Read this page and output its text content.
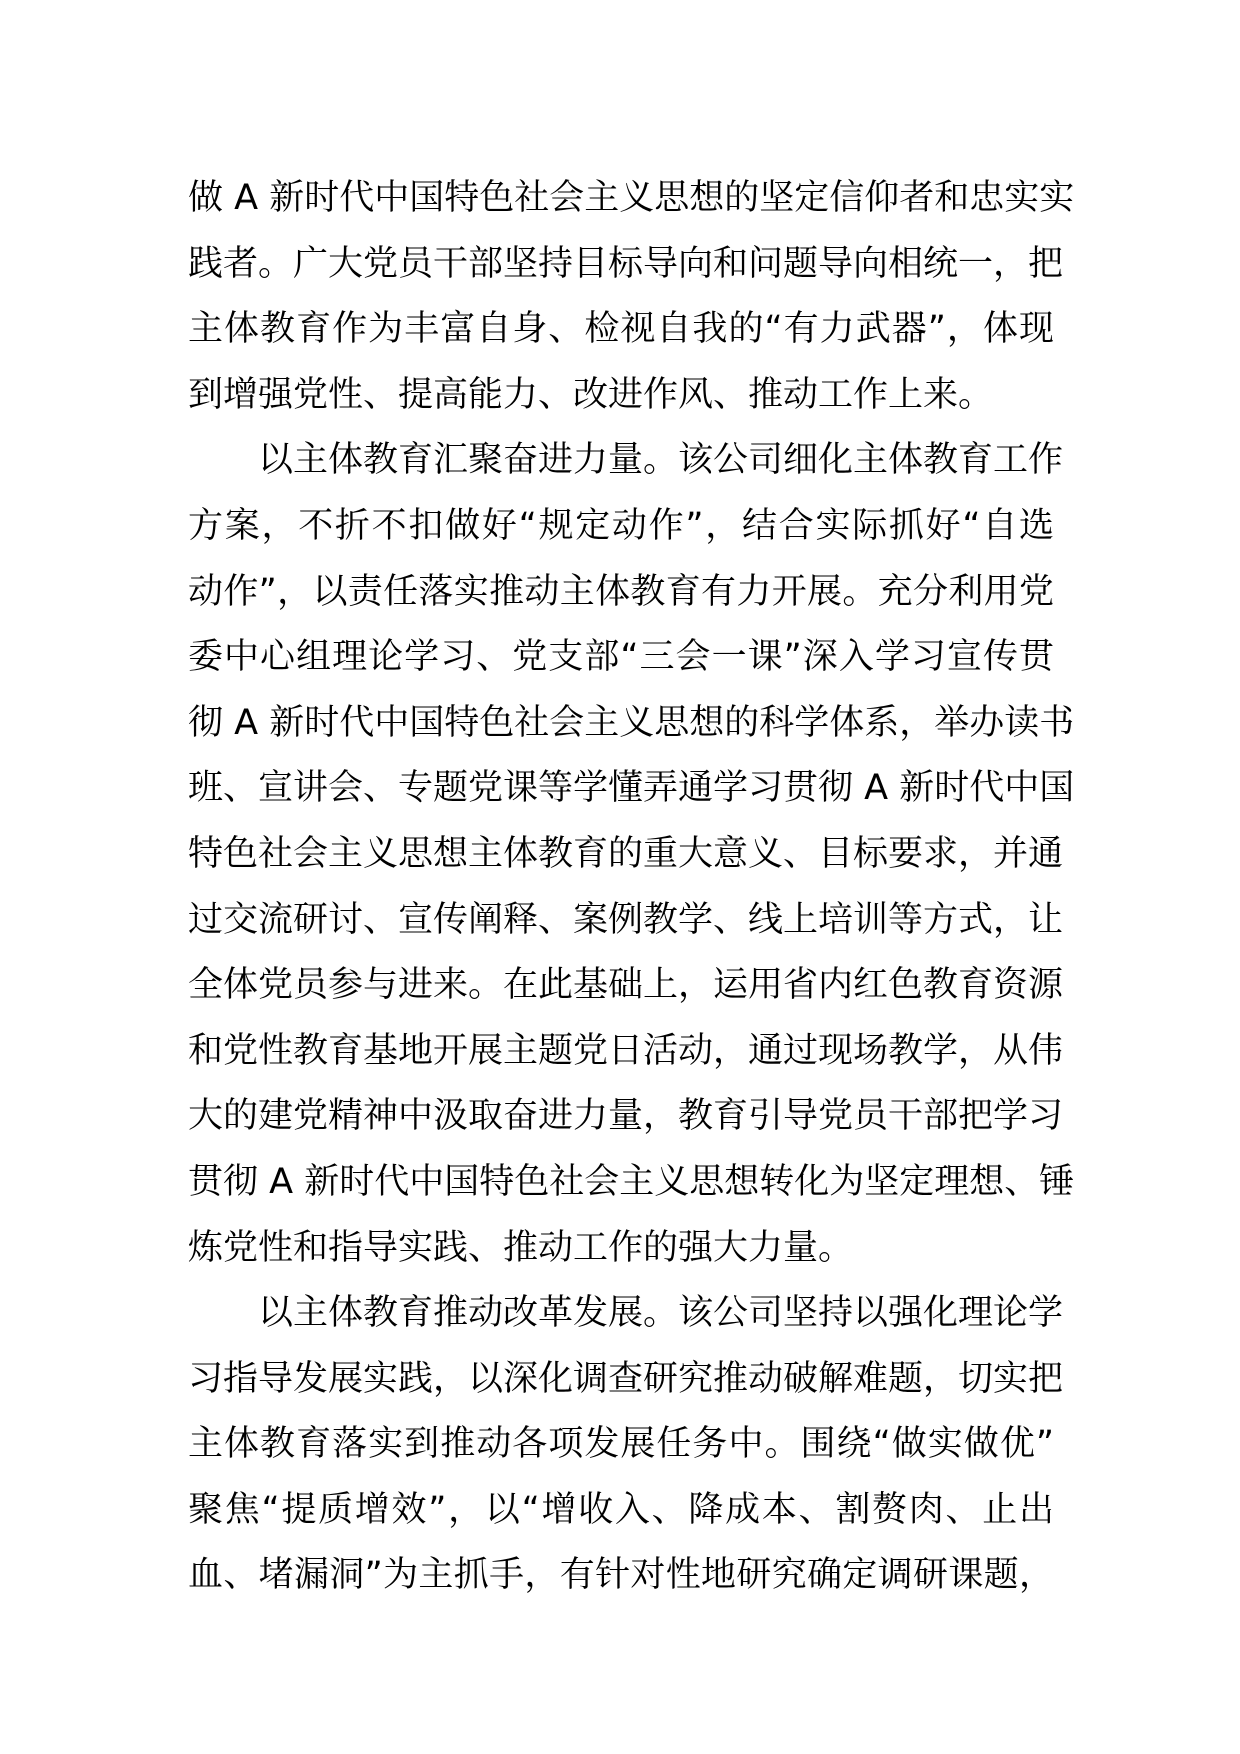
做 A 新时代中国特色社会主义思想的坚定信仰者和忠实实
践者。广大党员干部坚持目标导向和问题导向相统一，把
主体教育作为丰富自身、检视自我的“有力武器”，体现
到增强党性、提高能力、改进作风、推动工作上来。
以主体教育汇聚奋进力量。该公司细化主体教育工作
方案，不折不扣做好“规定动作”，结合实际抓好“自选
动作”，以责任落实推动主体教育有力开展。充分利用党
委中心组理论学习、党支部“三会一课”深入学习宣传贯
彻 A 新时代中国特色社会主义思想的科学体系，举办读书
班、宣讲会、专题党课等学懂弄通学习贯彻 A 新时代中国
特色社会主义思想主体教育的重大意义、目标要求，并通
过交流研讨、宣传阐释、案例教学、线上培训等方式，让
全体党员参与进来。在此基础上，运用省内红色教育资源
和党性教育基地开展主题党日活动，通过现场教学，从伟
大的建党精神中汲取奋进力量，教育引导党员干部把学习
贯彻 A 新时代中国特色社会主义思想转化为坚定理想、锤
炼党性和指导实践、推动工作的强大力量。
以主体教育推动改革发展。该公司坚持以强化理论学
习指导发展实践，以深化调查研究推动破解难题，切实把
主体教育落实到推动各项发展任务中。围绕“做实做优”
聚焦“提质增效”，以“增收入、降成本、割赘肉、止出
血、堵漏洞”为主抓手，有针对性地研究确定调研课题，
